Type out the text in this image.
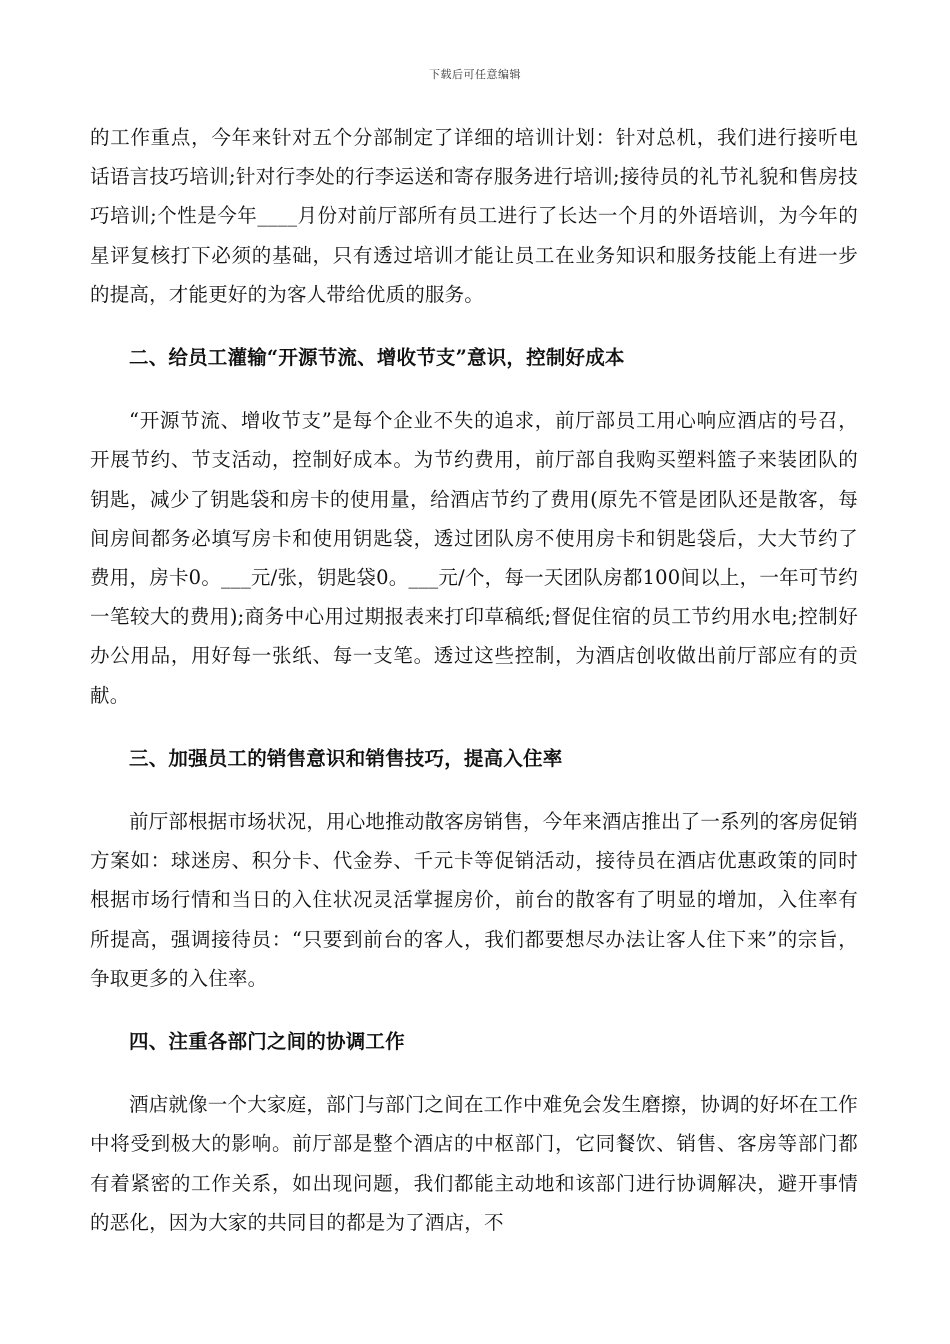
下载后可任意编辑

的工作重点，今年来针对五个分部制定了详细的培训计划：针对总机，我们进行接听电话语言技巧培训;针对行李处的行李运送和寄存服务进行培训;接待员的礼节礼貌和售房技巧培训;个性是今年____月份对前厅部所有员工进行了长达一个月的外语培训，为今年的星评复核打下必须的基础，只有透过培训才能让员工在业务知识和服务技能上有进一步的提高，才能更好的为客人带给优质的服务。

二、给员工灌输“开源节流、增收节支”意识，控制好成本

“开源节流、增收节支”是每个企业不失的追求，前厅部员工用心响应酒店的号召，开展节约、节支活动，控制好成本。为节约费用，前厅部自我购买塑料篮子来装团队的钥匙，减少了钥匙袋和房卡的使用量，给酒店节约了费用(原先不管是团队还是散客，每间房间都务必填写房卡和使用钥匙袋，透过团队房不使用房卡和钥匙袋后，大大节约了费用，房卡0。___元/张，钥匙袋0。___元/个，每一天团队房都100间以上，一年可节约一笔较大的费用);商务中心用过期报表来打印草稿纸;督促住宿的员工节约用水电;控制好办公用品，用好每一张纸、每一支笔。透过这些控制，为酒店创收做出前厅部应有的贡献。

三、加强员工的销售意识和销售技巧，提高入住率

前厅部根据市场状况，用心地推动散客房销售，今年来酒店推出了一系列的客房促销方案如：球迷房、积分卡、代金券、千元卡等促销活动，接待员在酒店优惠政策的同时根据市场行情和当日的入住状况灵活掌握房价，前台的散客有了明显的增加，入住率有所提高，强调接待员：“只要到前台的客人，我们都要想尽办法让客人住下来”的宗旨，争取更多的入住率。

四、注重各部门之间的协调工作

酒店就像一个大家庭，部门与部门之间在工作中难免会发生磨擦，协调的好坏在工作中将受到极大的影响。前厅部是整个酒店的中枢部门，它同餐饮、销售、客房等部门都有着紧密的工作关系，如出现问题，我们都能主动地和该部门进行协调解决，避开事情的恶化，因为大家的共同目的都是为了酒店，不
